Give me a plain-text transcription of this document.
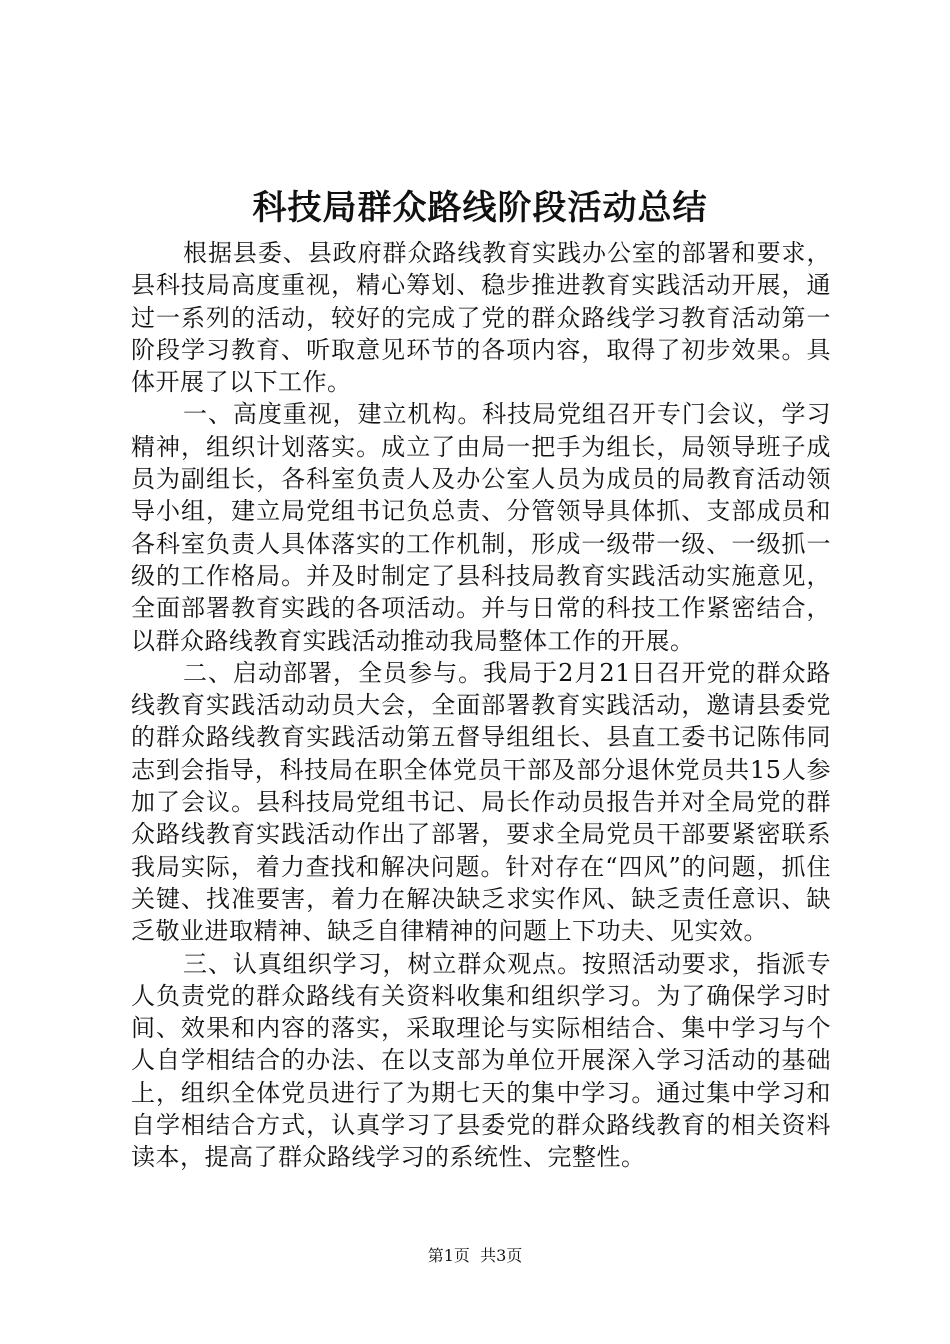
科技局群众路线阶段活动总结

根据县委、县政府群众路线教育实践办公室的部署和要求，县科技局高度重视，精心筹划、稳步推进教育实践活动开展，通过一系列的活动，较好的完成了党的群众路线学习教育活动第一阶段学习教育、听取意见环节的各项内容，取得了初步效果。具体开展了以下工作。

一、高度重视，建立机构。科技局党组召开专门会议，学习精神，组织计划落实。成立了由局一把手为组长，局领导班子成员为副组长，各科室负责人及办公室人员为成员的局教育活动领导小组，建立局党组书记负总责、分管领导具体抓、支部成员和各科室负责人具体落实的工作机制，形成一级带一级、一级抓一级的工作格局。并及时制定了县科技局教育实践活动实施意见，全面部署教育实践的各项活动。并与日常的科技工作紧密结合，以群众路线教育实践活动推动我局整体工作的开展。

二、启动部署，全员参与。我局于2月21日召开党的群众路线教育实践活动动员大会，全面部署教育实践活动，邀请县委党的群众路线教育实践活动第五督导组组长、县直工委书记陈伟同志到会指导，科技局在职全体党员干部及部分退休党员共15人参加了会议。县科技局党组书记、局长作动员报告并对全局党的群众路线教育实践活动作出了部署，要求全局党员干部要紧密联系我局实际，着力查找和解决问题。针对存在“四风”的问题，抓住关键、找准要害，着力在解决缺乏求实作风、缺乏责任意识、缺乏敬业进取精神、缺乏自律精神的问题上下功夫、见实效。

三、认真组织学习，树立群众观点。按照活动要求，指派专人负责党的群众路线有关资料收集和组织学习。为了确保学习时间、效果和内容的落实，采取理论与实际相结合、集中学习与个人自学相结合的办法、在以支部为单位开展深入学习活动的基础上，组织全体党员进行了为期七天的集中学习。通过集中学习和自学相结合方式，认真学习了县委党的群众路线教育的相关资料读本，提高了群众路线学习的系统性、完整性。

第1页 共3页
